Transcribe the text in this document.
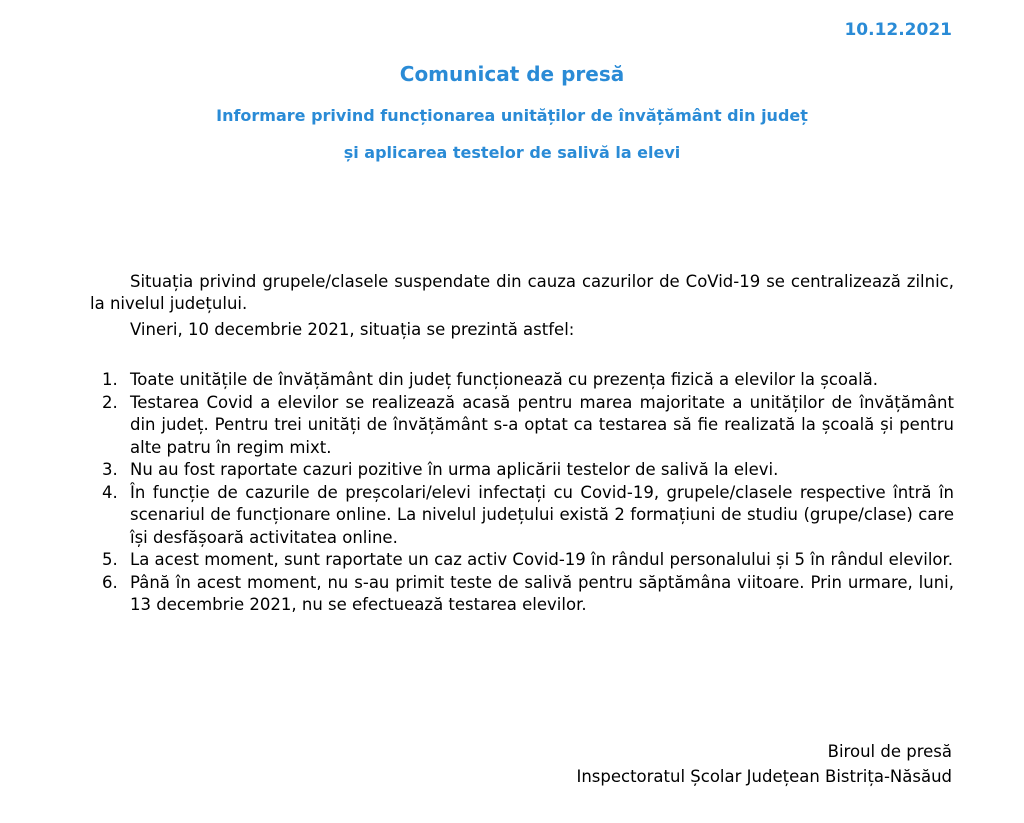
10.12.2021
Comunicat de presă
Informare privind funcționarea unităților de învățământ din județ
și aplicarea testelor de salivă la elevi

Situația privind grupele/clasele suspendate din cauza cazurilor de CoVid-19 se centralizează zilnic, la nivelul județului.

Vineri, 10 decembrie 2021, situația se prezintă astfel:

1. Toate unitățile de învățământ din județ funcționează cu prezența fizică a elevilor la școală.
2. Testarea Covid a elevilor se realizează acasă pentru marea majoritate a unităților de învățământ din județ. Pentru trei unități de învățământ s-a optat ca testarea să fie realizată la școală și pentru alte patru în regim mixt.
3. Nu au fost raportate cazuri pozitive în urma aplicării testelor de salivă la elevi.
4. În funcție de cazurile de preșcolari/elevi infectați cu Covid-19, grupele/clasele respective întră în scenariul de funcționare online. La nivelul județului există 2 formațiuni de studiu (grupe/clase) care își desfășoară activitatea online.
5. La acest moment, sunt raportate un caz activ Covid-19 în rândul personalului și 5 în rândul elevilor.
6. Până în acest moment, nu s-au primit teste de salivă pentru săptămâna viitoare. Prin urmare, luni, 13 decembrie 2021, nu se efectuează testarea elevilor.
Biroul de presă
Inspectoratul Școlar Județean Bistrița-Năsăud
